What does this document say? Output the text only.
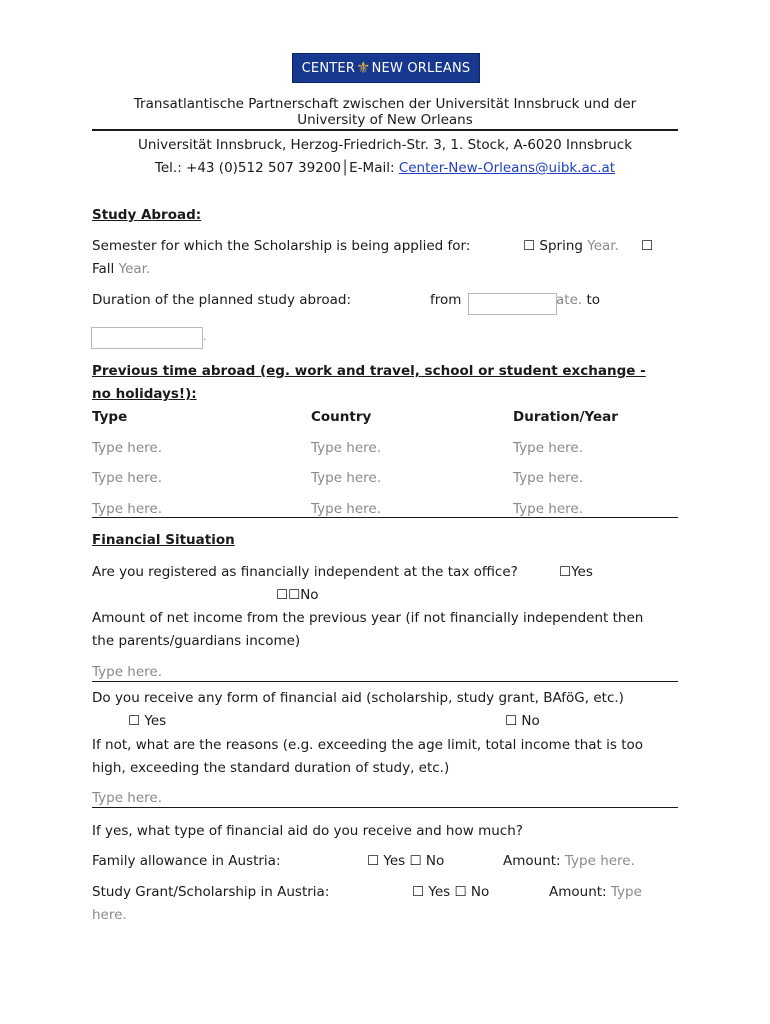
CENTER ⚜ NEW ORLEANS
Transatlantische Partnerschaft zwischen der Universität Innsbruck und der
University of New Orleans
Universität Innsbruck, Herzog-Friedrich-Str. 3, 1. Stock, A-6020 Innsbruck
Tel.: +43 (0)512 507 39200│E-Mail: Center-New-Orleans@uibk.ac.at
Study Abroad:
Semester for which the Scholarship is being applied for:	☐ Spring Year. ☐
Fall Year.
Duration of the planned study abroad:	from	ate. to
.
Previous time abroad (eg. work and travel, school or student exchange -
no holidays!):
Type	Country	Duration/Year
Type here.	Type here.	Type here.
Type here.	Type here.	Type here.
Type here.	Type here.	Type here.
Financial Situation
Are you registered as financially independent at the tax office?	☐Yes
☐☐No
Amount of net income from the previous year (if not financially independent then
the parents/guardians income)
Type here.
Do you receive any form of financial aid (scholarship, study grant, BAföG, etc.)
☐ Yes	☐ No
If not, what are the reasons (e.g. exceeding the age limit, total income that is too
high, exceeding the standard duration of study, etc.)
Type here.
If yes, what type of financial aid do you receive and how much?
Family allowance in Austria:	☐ Yes ☐ No	Amount: Type here.
Study Grant/Scholarship in Austria:	☐ Yes ☐ No	Amount: Type
here.
